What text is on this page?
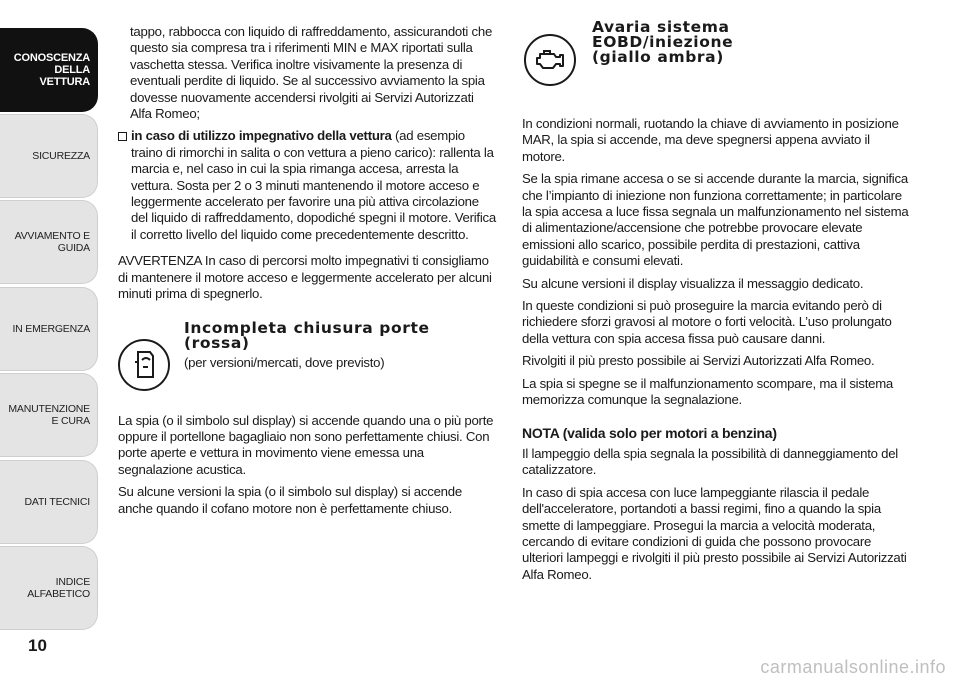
CONOSCENZA DELLA VETTURA
SICUREZZA
AVVIAMENTO E GUIDA
IN EMERGENZA
MANUTENZIONE E CURA
DATI TECNICI
INDICE ALFABETICO
10

tappo, rabbocca con liquido di raffreddamento, assicurandoti che questo sia compresa tra i riferimenti MIN e MAX riportati sulla vaschetta stessa. Verifica inoltre visivamente la presenza di eventuali perdite di liquido. Se al successivo avviamento la spia dovesse nuovamente accendersi rivolgiti ai Servizi Autorizzati Alfa Romeo;

in caso di utilizzo impegnativo della vettura (ad esempio traino di rimorchi in salita o con vettura a pieno carico): rallenta la marcia e, nel caso in cui la spia rimanga accesa, arresta la vettura. Sosta per 2 o 3 minuti mantenendo il motore acceso e leggermente accelerato per favorire una più attiva circolazione del liquido di raffreddamento, dopodiché spegni il motore. Verifica il corretto livello del liquido come precedentemente descritto.

AVVERTENZA In caso di percorsi molto impegnativi ti consigliamo di mantenere il motore acceso e leggermente accelerato per alcuni minuti prima di spegnerlo.

Incompleta chiusura porte
(rossa)
(per versioni/mercati, dove previsto)

La spia (o il simbolo sul display) si accende quando una o più porte oppure il portellone bagagliaio non sono perfettamente chiusi. Con porte aperte e vettura in movimento viene emessa una segnalazione acustica.

Su alcune versioni la spia (o il simbolo sul display) si accende anche quando il cofano motore non è perfettamente chiuso.

Avaria sistema
EOBD/iniezione
(giallo ambra)

In condizioni normali, ruotando la chiave di avviamento in posizione MAR, la spia si accende, ma deve spegnersi appena avviato il motore.

Se la spia rimane accesa o se si accende durante la marcia, significa che l’impianto di iniezione non funziona correttamente; in particolare la spia accesa a luce fissa segnala un malfunzionamento nel sistema di alimentazione/accensione che potrebbe provocare elevate emissioni allo scarico, possibile perdita di prestazioni, cattiva guidabilità e consumi elevati.

Su alcune versioni il display visualizza il messaggio dedicato.

In queste condizioni si può proseguire la marcia evitando però di richiedere sforzi gravosi al motore o forti velocità. L’uso prolungato della vettura con spia accesa fissa può causare danni.

Rivolgiti il più presto possibile ai Servizi Autorizzati Alfa Romeo.

La spia si spegne se il malfunzionamento scompare, ma il sistema memorizza comunque la segnalazione.

NOTA (valida solo per motori a benzina)

Il lampeggio della spia segnala la possibilità di danneggiamento del catalizzatore.

In caso di spia accesa con luce lampeggiante rilascia il pedale dell'acceleratore, portandoti a bassi regimi, fino a quando la spia smette di lampeggiare. Prosegui la marcia a velocità moderata, cercando di evitare condizioni di guida che possono provocare ulteriori lampeggi e rivolgiti il più presto possibile ai Servizi Autorizzati Alfa Romeo.

carmanualsonline.info
